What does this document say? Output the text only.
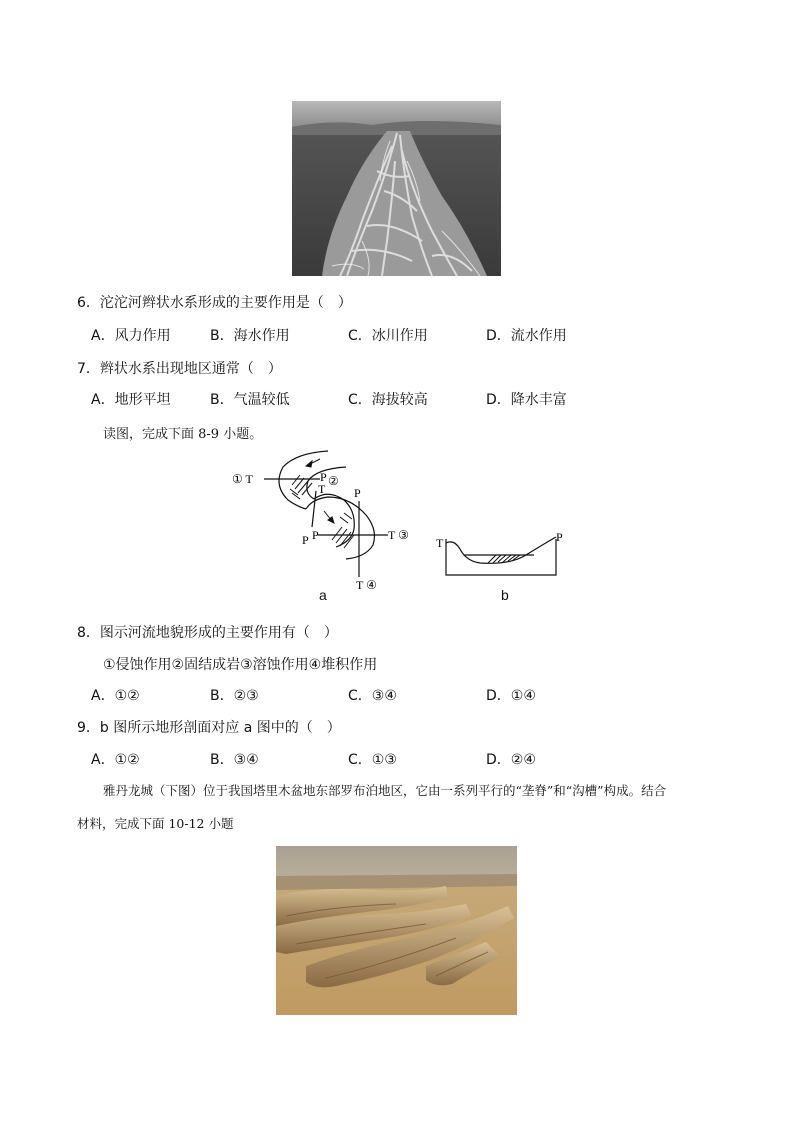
6．沱沱河辫状水系形成的主要作用是（　）
A．风力作用	B．海水作用	C．冰川作用	D．流水作用
7．辫状水系出现地区通常（　）
A．地形平坦	B．气温较低	C．海拔较高	D．降水丰富
读图，完成下面 8-9 小题。
① T	P ②
T P
P
P	T ③
T ④
a
T	P
b
8．图示河流地貌形成的主要作用有（　）
①侵蚀作用②固结成岩③溶蚀作用④堆积作用
A．①②	B．②③	C．③④	D．①④
9．b 图所示地形剖面对应 a 图中的（　）
A．①②	B．③④	C．①③	D．②④
雅丹龙城（下图）位于我国塔里木盆地东部罗布泊地区，它由一系列平行的“垄脊”和“沟槽”构成。结合
材料，完成下面 10-12 小题
